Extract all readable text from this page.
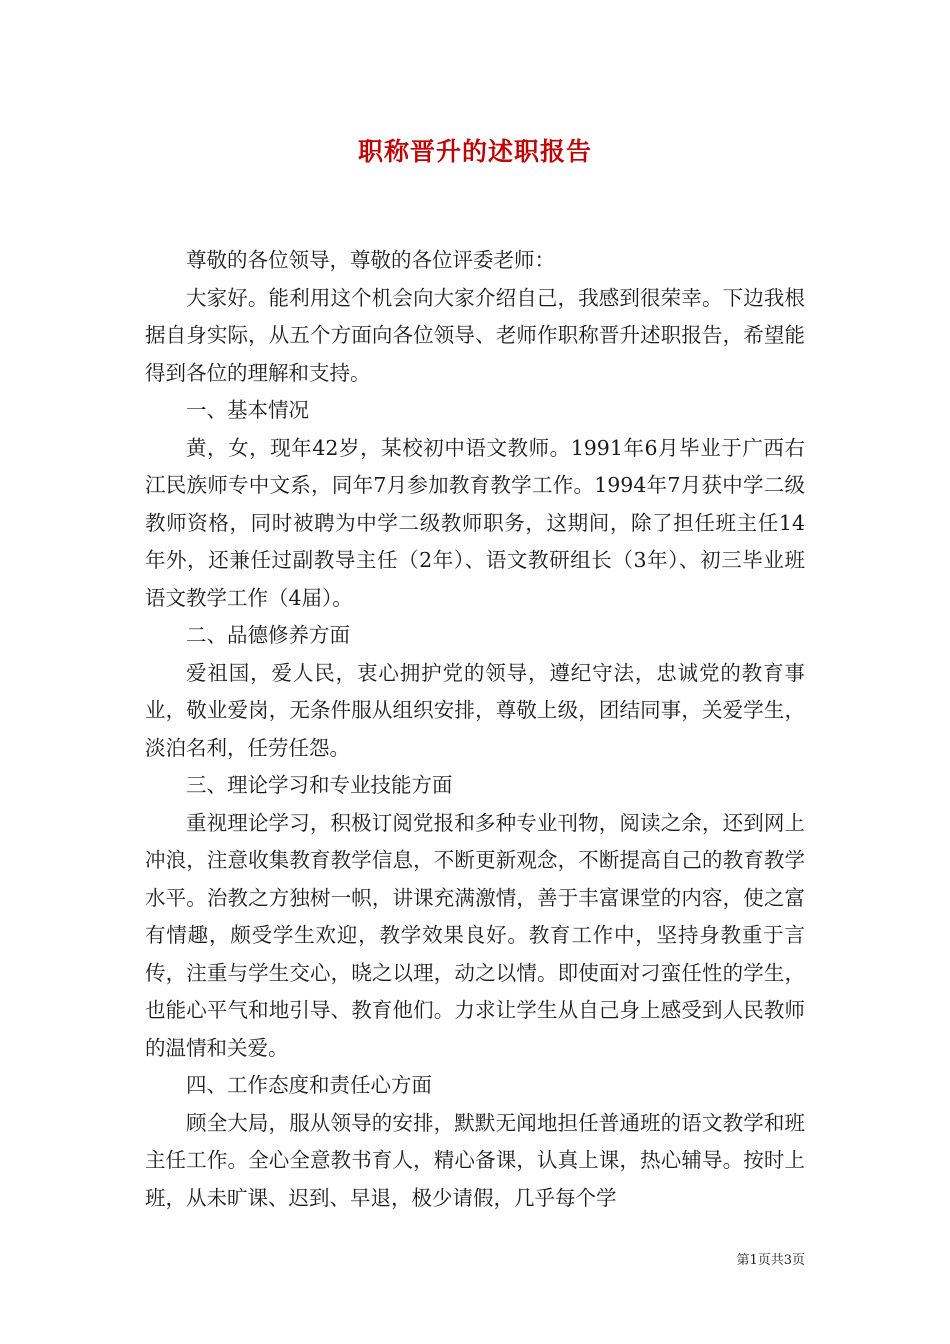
职称晋升的述职报告

尊敬的各位领导，尊敬的各位评委老师：

大家好。能利用这个机会向大家介绍自己，我感到很荣幸。下边我根据自身实际，从五个方面向各位领导、老师作职称晋升述职报告，希望能得到各位的理解和支持。

一、基本情况

黄，女，现年42岁，某校初中语文教师。1991年6月毕业于广西右江民族师专中文系，同年7月参加教育教学工作。1994年7月获中学二级教师资格，同时被聘为中学二级教师职务，这期间，除了担任班主任14年外，还兼任过副教导主任（2年）、语文教研组长（3年）、初三毕业班语文教学工作（4届）。

二、品德修养方面

爱祖国，爱人民，衷心拥护党的领导，遵纪守法，忠诚党的教育事业，敬业爱岗，无条件服从组织安排，尊敬上级，团结同事，关爱学生，淡泊名利，任劳任怨。

三、理论学习和专业技能方面

重视理论学习，积极订阅党报和多种专业刊物，阅读之余，还到网上冲浪，注意收集教育教学信息，不断更新观念，不断提高自己的教育教学水平。治教之方独树一帜，讲课充满激情，善于丰富课堂的内容，使之富有情趣，颇受学生欢迎，教学效果良好。教育工作中，坚持身教重于言传，注重与学生交心，晓之以理，动之以情。即使面对刁蛮任性的学生，也能心平气和地引导、教育他们。力求让学生从自己身上感受到人民教师的温情和关爱。

四、工作态度和责任心方面

顾全大局，服从领导的安排，默默无闻地担任普通班的语文教学和班主任工作。全心全意教书育人，精心备课，认真上课，热心辅导。按时上班，从未旷课、迟到、早退，极少请假，几乎每个学

第1页共3页
